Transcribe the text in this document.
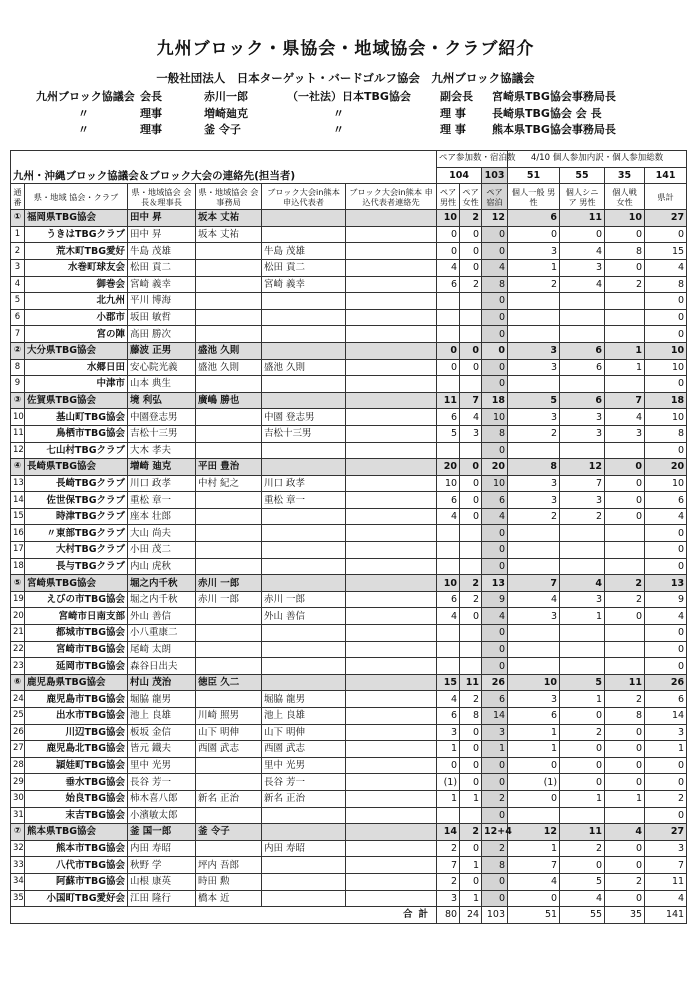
九州ブロック・県協会・地域協会・クラブ紹介
一般社団法人　日本ターゲット・バードゴルフ協会　九州ブロック協議会
九州ブロック協議会 会長	赤川一郎	（一社法）日本TBG協会	副会長 宮崎県TBG協会事務局長
〃	理事	増崎廸克	〃	理 事 長崎県TBG協会 会 長
〃	理事	釜 令子	〃	理 事 熊本県TBG協会事務局長
九州・沖縄ブロック協議会＆ブロック大会の連絡先(担当者)						ペア参加数・宿泊数			4/10 個人参加内訳・個人参加総数			
						104		103	51	55	35	141
通番	県・地域 協会・クラブ	県・地域協会 会長＆理事長	県・地域協会 会事務局	ブロック大会in熊本 申込代表者	ブロック大会in熊本 申込代表者連絡先	ペア 男性	ペア 女性	ペア 宿泊	個人一般 男性	個人シニア 男性	個人戦 女性	県計
①	福岡県TBG協会	田中 昇	坂本 丈祐			10	2	12	6	11	10	27
1	うきはTBGクラブ	田中 昇	坂本 丈祐			0	0	0	0	0	0	0
2	荒木町TBG愛好	牛島 茂雄		牛島 茂雄		0	0	0	3	4	8	15
3	水巻町球友会	松田 貢二		松田 貢二		4	0	4	1	3	0	4
4	御巻会	宮崎 義幸		宮崎 義幸		6	2	8	2	4	2	8
5	北九州	平川 博海						0				0
6	小郡市	坂田 敏哲						0				0
7	宮の陣	高田 勝次						0				0
②	大分県TBG協会	藤波 正男	盛池 久則			0	0	0	3	6	1	10
8	水郷日田	安心院光義	盛池 久則	盛池 久則		0	0	0	3	6	1	10
9	中津市	山本 典生						0				0
③	佐賀県TBG協会	境 利弘	廣嶋 勝也			11	7	18	5	6	7	18
10	基山町TBG協会	中園登志男		中園 登志男		6	4	10	3	3	4	10
11	鳥栖市TBG協会	吉松十三男		吉松十三男		5	3	8	2	3	3	8
12	七山村TBGクラブ	大木 孝夫						0				0
④	長崎県TBG協会	増崎 廸克	平田 豊治			20	0	20	8	12	0	20
13	長崎TBGクラブ	川口 政孝	中村 紀之	川口 政孝		10	0	10	3	7	0	10
14	佐世保TBGクラブ	重松 章一		重松 章一		6	0	6	3	3	0	6
15	時津TBGクラブ	座本 壮郎				4	0	4	2	2	0	4
16	〃東部TBGクラブ	大山 尚夫						0				0
17	大村TBGクラブ	小田 茂二						0				0
18	長与TBGクラブ	内山 虎秋						0				0
⑤	宮崎県TBG協会	堀之内千秋	赤川 一郎			10	2	13	7	4	2	13
19	えびの市TBG協会	堀之内千秋	赤川 一郎	赤川 一郎		6	2	9	4	3	2	9
20	宮崎市日南支部	外山 善信		外山 善信		4	0	4	3	1	0	4
21	都城市TBG協会	小八重康二						0				0
22	宮崎市TBG協会	尾崎 太朗						0				0
23	延岡市TBG協会	森谷日出夫						0				0
⑥	鹿児島県TBG協会	村山 茂治	徳臣 久二			15	11	26	10	5	11	26
24	鹿児島市TBG協会	堀脇 龍男		堀脇 龍男		4	2	6	3	1	2	6
25	出水市TBG協会	池上 良雄	川崎 照男	池上 良雄		6	8	14	6	0	8	14
26	川辺TBG協会	板坂 金信	山下 明伸	山下 明伸		3	0	3	1	2	0	3
27	鹿児島北TBG協会	皆元 鐵夫	西園 武志	西園 武志		1	0	1	1	0	0	1
28	頴娃町TBG協会	里中 光男		里中 光男		0	0	0	0	0	0	0
29	垂水TBG協会	長谷 芳一		長谷 芳一		(1)	0	0	(1)	0	0	0
30	始良TBG協会	柿木喜八郎	新名 正治	新名 正治		1	1	2	0	1	1	2
31	末吉TBG協会	小濱敏太郎						0				0
⑦	熊本県TBG協会	釜 国一郎	釜 令子			14	2	12+4	12	11	4	27
32	熊本市TBG協会	内田 寿昭		内田 寿昭		2	0	2	1	2	0	3
33	八代市TBG協会	秋野 学	坪内 吾郎			7	1	8	7	0	0	7
34	阿蘇市TBG協会	山根 康英	時田 勲			2	0	0	4	5	2	11
35	小国町TBG愛好会	江田 隆行	橋本 近			3	1	0	0	4	0	4
合計						80	24	103	51	55	35	141
